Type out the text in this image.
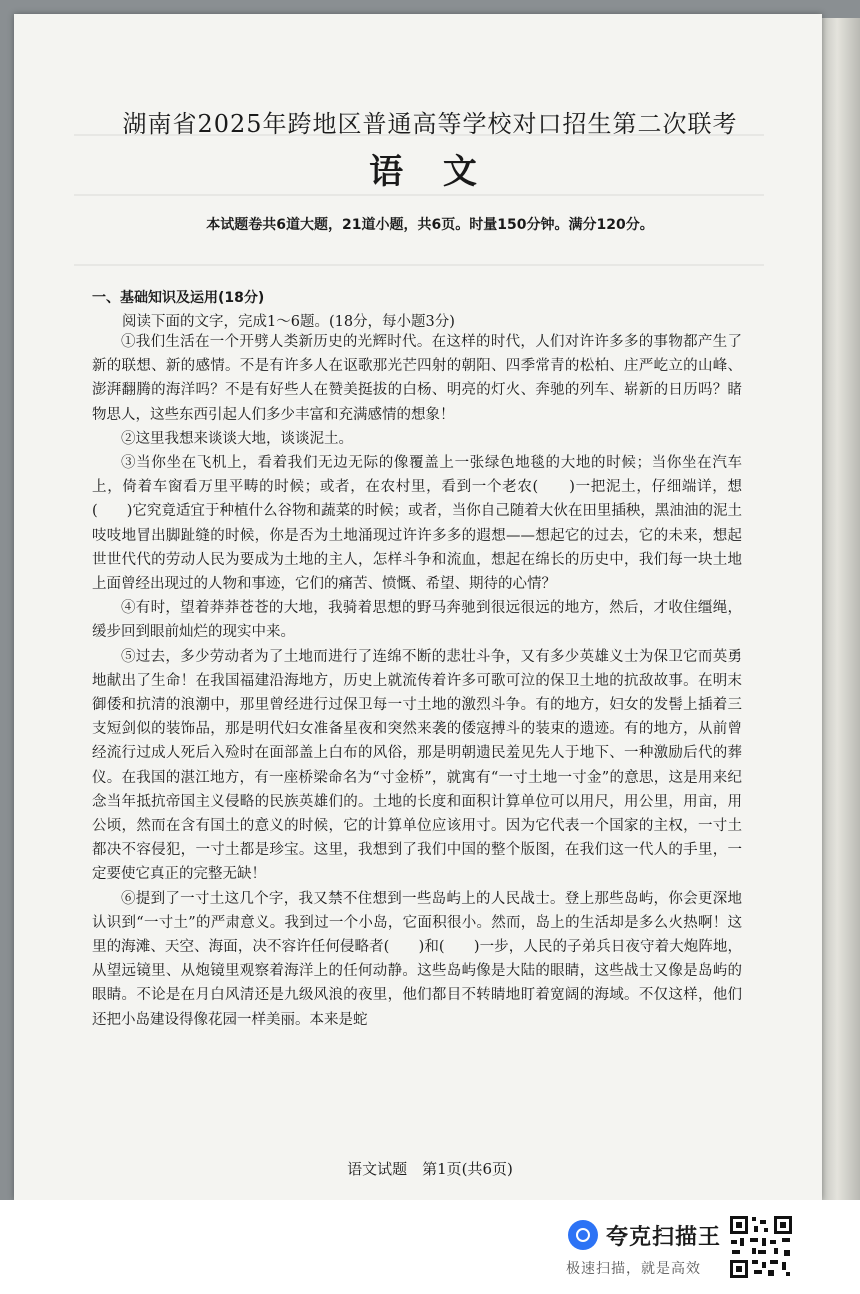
湖南省2025年跨地区普通高等学校对口招生第二次联考
语 文
本试题卷共6道大题，21道小题，共6页。时量150分钟。满分120分。
一、基础知识及运用(18分)
阅读下面的文字，完成1～6题。(18分，每小题3分)

①我们生活在一个开劈人类新历史的光辉时代。在这样的时代，人们对许许多多的事物都产生了新的联想、新的感情。不是有许多人在讴歌那光芒四射的朝阳、四季常青的松柏、庄严屹立的山峰、澎湃翻腾的海洋吗？不是有好些人在赞美挺拔的白杨、明亮的灯火、奔驰的列车、崭新的日历吗？睹物思人，这些东西引起人们多少丰富和充满感情的想象！

②这里我想来谈谈大地，谈谈泥土。

③当你坐在飞机上，看着我们无边无际的像覆盖上一张绿色地毯的大地的时候；当你坐在汽车上，倚着车窗看万里平畴的时候；或者，在农村里，看到一个老农(　　)一把泥土，仔细端详，想(　　)它究竟适宜于种植什么谷物和蔬菜的时候；或者，当你自己随着大伙在田里插秧，黑油油的泥土吱吱地冒出脚趾缝的时候，你是否为土地涌现过许许多多的遐想——想起它的过去，它的未来，想起世世代代的劳动人民为要成为土地的主人，怎样斗争和流血，想起在绵长的历史中，我们每一块土地上面曾经出现过的人物和事迹，它们的痛苦、愤慨、希望、期待的心情？

④有时，望着莽莽苍苍的大地，我骑着思想的野马奔驰到很远很远的地方，然后，才收住缰绳，缓步回到眼前灿烂的现实中来。

⑤过去，多少劳动者为了土地而进行了连绵不断的悲壮斗争，又有多少英雄义士为保卫它而英勇地献出了生命！在我国福建沿海地方，历史上就流传着许多可歌可泣的保卫土地的抗敌故事。在明末御倭和抗清的浪潮中，那里曾经进行过保卫每一寸土地的激烈斗争。有的地方，妇女的发髻上插着三支短剑似的装饰品，那是明代妇女准备星夜和突然来袭的倭寇搏斗的装束的遗迹。有的地方，从前曾经流行过成人死后入殓时在面部盖上白布的风俗，那是明朝遗民羞见先人于地下、一种激励后代的葬仪。在我国的湛江地方，有一座桥梁命名为“寸金桥”，就寓有“一寸土地一寸金”的意思，这是用来纪念当年抵抗帝国主义侵略的民族英雄们的。土地的长度和面积计算单位可以用尺，用公里，用亩，用公顷，然而在含有国土的意义的时候，它的计算单位应该用寸。因为它代表一个国家的主权，一寸土都决不容侵犯，一寸土都是珍宝。这里，我想到了我们中国的整个版图，在我们这一代人的手里，一定要使它真正的完整无缺！

⑥提到了一寸土这几个字，我又禁不住想到一些岛屿上的人民战士。登上那些岛屿，你会更深地认识到“一寸土”的严肃意义。我到过一个小岛，它面积很小。然而，岛上的生活却是多么火热啊！这里的海滩、天空、海面，决不容许任何侵略者(　　)和(　　)一步，人民的子弟兵日夜守着大炮阵地，从望远镜里、从炮镜里观察着海洋上的任何动静。这些岛屿像是大陆的眼睛，这些战士又像是岛屿的眼睛。不论是在月白风清还是九级风浪的夜里，他们都目不转睛地盯着宽阔的海域。不仅这样，他们还把小岛建设得像花园一样美丽。本来是蛇

语文试题　第1页(共6页)
夸克扫描王
极速扫描，就是高效
